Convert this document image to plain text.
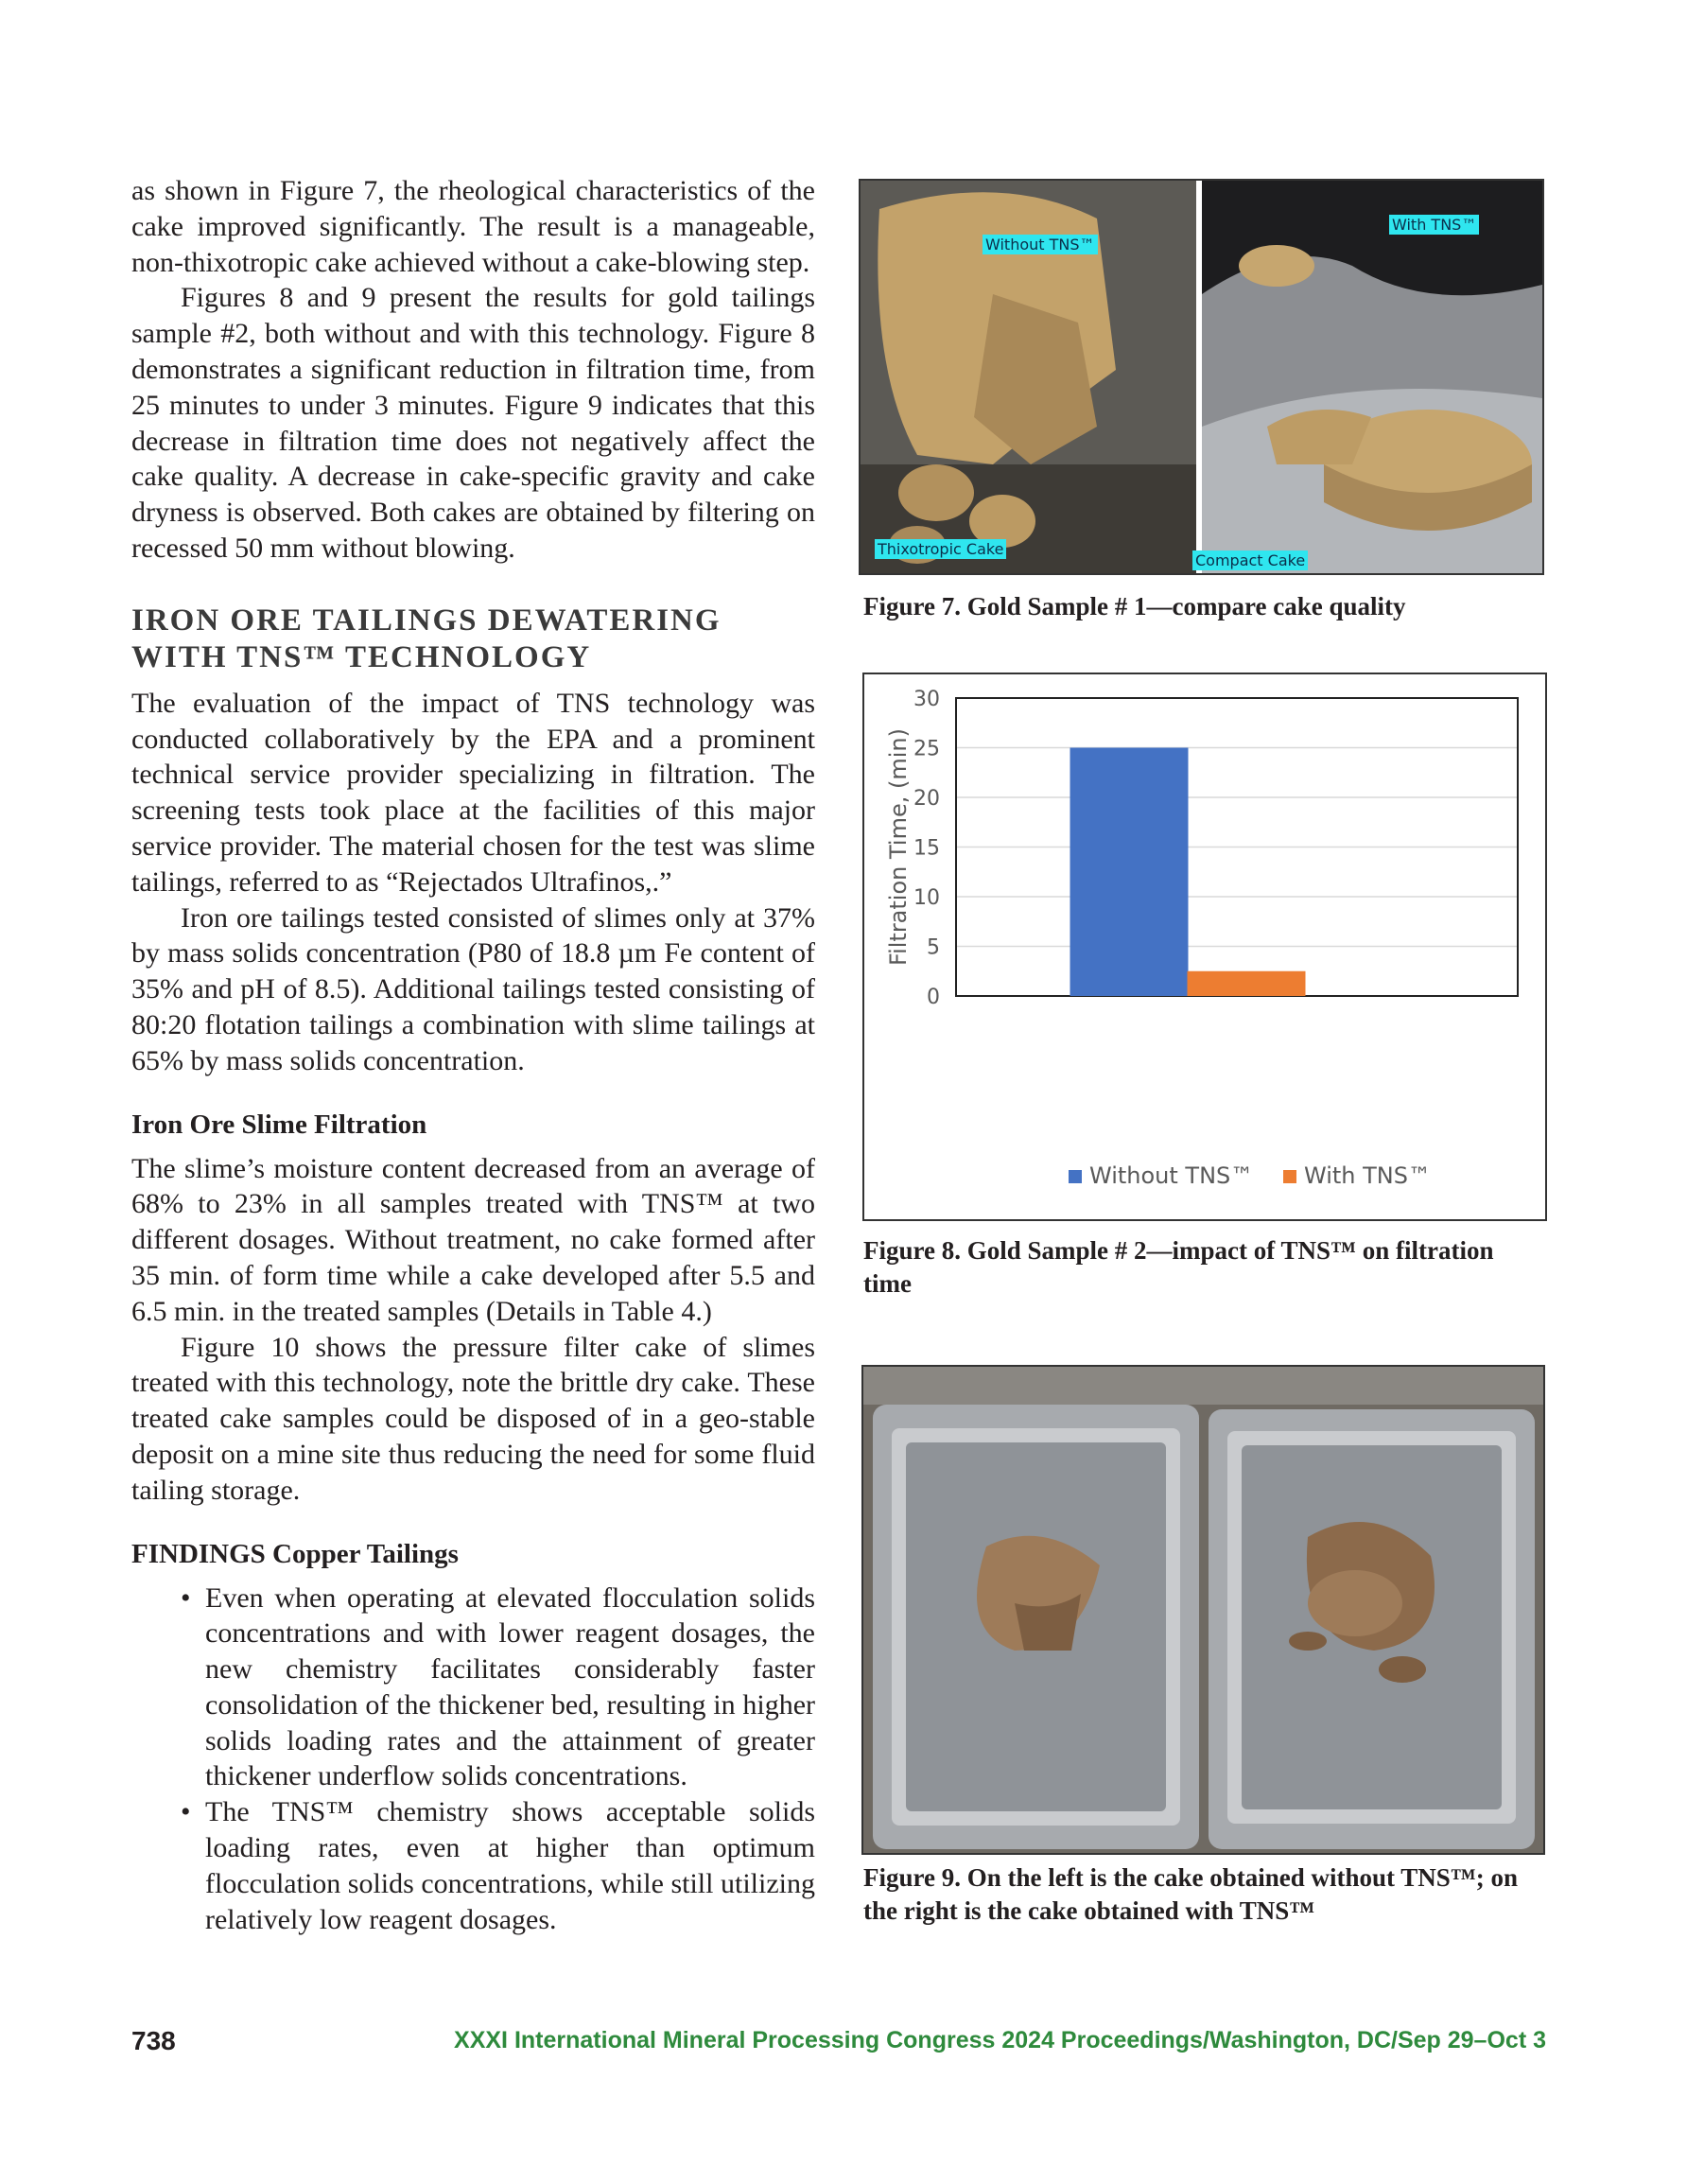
as shown in Figure 7, the rheological characteristics of the cake improved significantly. The result is a manageable, non-thixotropic cake achieved without a cake-blowing step.

Figures 8 and 9 present the results for gold tailings sample #2, both without and with this technology. Figure 8 demonstrates a significant reduction in filtration time, from 25 minutes to under 3 minutes. Figure 9 indicates that this decrease in filtration time does not negatively affect the cake quality. A decrease in cake-specific gravity and cake dryness is observed. Both cakes are obtained by filtering on recessed 50 mm without blowing.

IRON ORE TAILINGS DEWATERING
WITH TNS™ TECHNOLOGY

The evaluation of the impact of TNS technology was conducted collaboratively by the EPA and a prominent technical service provider specializing in filtration. The screening tests took place at the facilities of this major service provider. The material chosen for the test was slime tailings, referred to as “Rejectados Ultrafinos,.”

Iron ore tailings tested consisted of slimes only at 37% by mass solids concentration (P80 of 18.8 µm Fe content of 35% and pH of 8.5). Additional tailings tested consisting of 80:20 flotation tailings a combination with slime tailings at 65% by mass solids concentration.

Iron Ore Slime Filtration

The slime’s moisture content decreased from an average of 68% to 23% in all samples treated with TNS™ at two different dosages. Without treatment, no cake formed after 35 min. of form time while a cake developed after 5.5 and 6.5 min. in the treated samples (Details in Table 4.)

Figure 10 shows the pressure filter cake of slimes treated with this technology, note the brittle dry cake. These treated cake samples could be disposed of in a geo-stable deposit on a mine site thus reducing the need for some fluid tailing storage.

FINDINGS Copper Tailings
• Even when operating at elevated flocculation solids concentrations and with lower reagent dosages, the new chemistry facilitates considerably faster consolidation of the thickener bed, resulting in higher solids loading rates and the attainment of greater thickener underflow solids concentrations.
• The TNS™ chemistry shows acceptable solids loading rates, even at higher than optimum flocculation solids concentrations, while still utilizing relatively low reagent dosages.
Without TNS™
With TNS™
Thixotropic Cake
Compact Cake
Figure 7. Gold Sample # 1—compare cake quality
0
5
10
15
20
25
30
Filtration Time, (min)
Without TNS™ With TNS™
Figure 8. Gold Sample # 2—impact of TNS™ on filtration
time
Figure 9. On the left is the cake obtained without TNS™; on
the right is the cake obtained with TNS™
738	XXXI International Mineral Processing Congress 2024 Proceedings/Washington, DC/Sep 29–Oct 3
